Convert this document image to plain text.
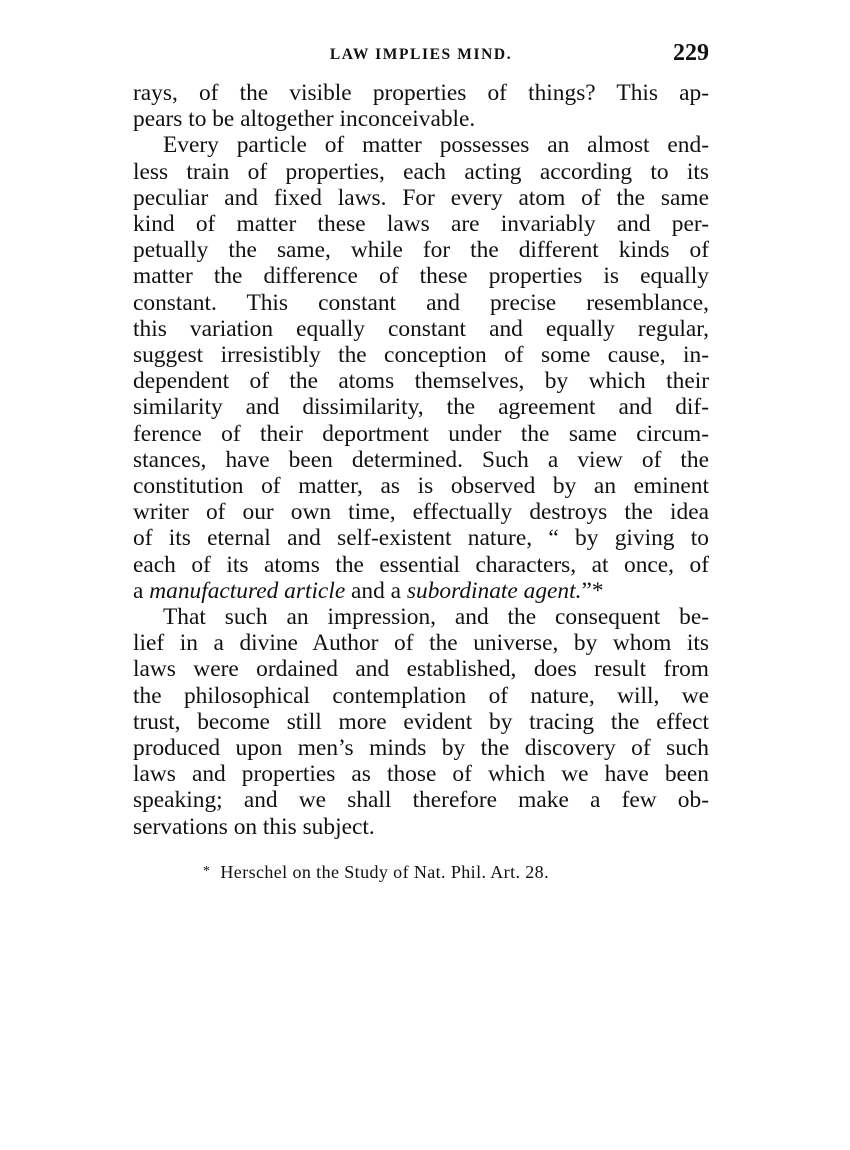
LAW IMPLIES MIND.	229

rays, of the visible properties of things? This ap-
pears to be altogether inconceivable.

Every particle of matter possesses an almost end-
less train of properties, each acting according to its
peculiar and fixed laws. For every atom of the same
kind of matter these laws are invariably and per-
petually the same, while for the different kinds of
matter the difference of these properties is equally
constant. This constant and precise resemblance,
this variation equally constant and equally regular,
suggest irresistibly the conception of some cause, in-
dependent of the atoms themselves, by which their
similarity and dissimilarity, the agreement and dif-
ference of their deportment under the same circum-
stances, have been determined. Such a view of the
constitution of matter, as is observed by an eminent
writer of our own time, effectually destroys the idea
of its eternal and self-existent nature, “ by giving to
each of its atoms the essential characters, at once, of
a manufactured article and a subordinate agent.”*

That such an impression, and the consequent be-
lief in a divine Author of the universe, by whom its
laws were ordained and established, does result from
the philosophical contemplation of nature, will, we
trust, become still more evident by tracing the effect
produced upon men’s minds by the discovery of such
laws and properties as those of which we have been
speaking; and we shall therefore make a few ob-
servations on this subject.

* Herschel on the Study of Nat. Phil. Art. 28.
